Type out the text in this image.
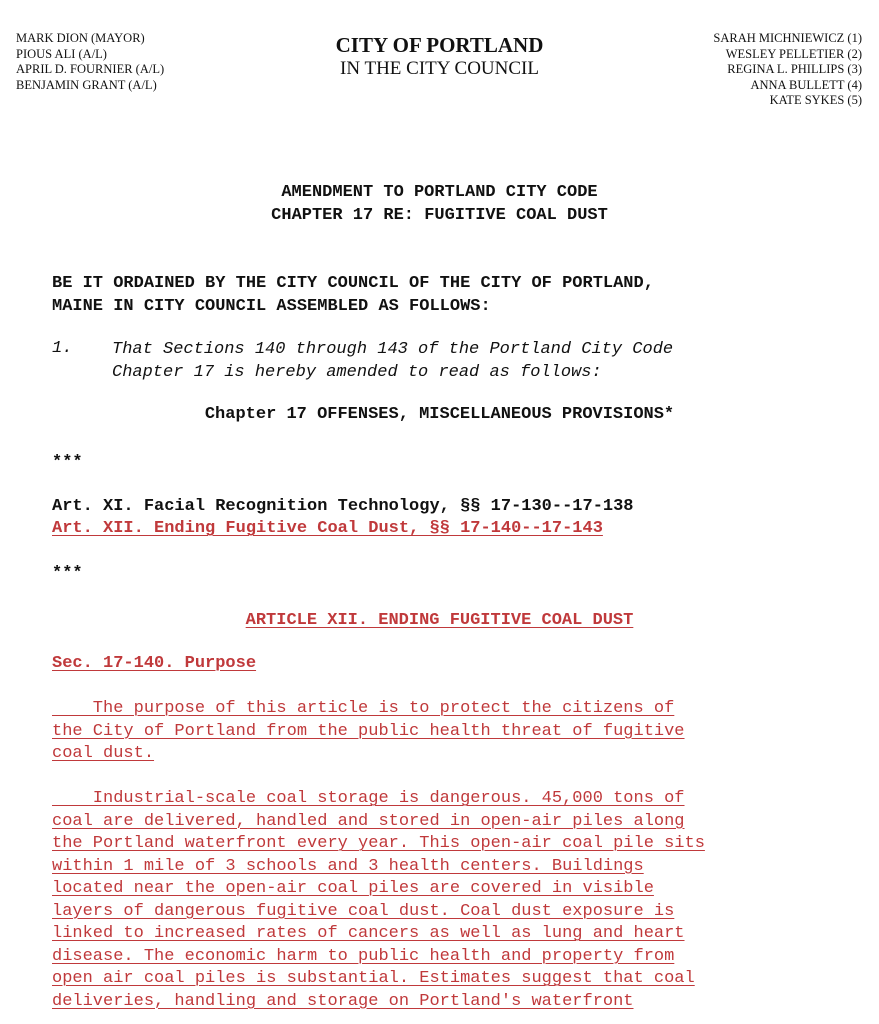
MARK DION (MAYOR)
PIOUS ALI (A/L)
APRIL D. FOURNIER (A/L)
BENJAMIN GRANT (A/L)
CITY OF PORTLAND
IN THE CITY COUNCIL
SARAH MICHNIEWICZ (1)
WESLEY PELLETIER (2)
REGINA L. PHILLIPS (3)
ANNA BULLETT (4)
KATE SYKES (5)
AMENDMENT TO PORTLAND CITY CODE
CHAPTER 17 RE: FUGITIVE COAL DUST
BE IT ORDAINED BY THE CITY COUNCIL OF THE CITY OF PORTLAND,
MAINE IN CITY COUNCIL ASSEMBLED AS FOLLOWS:
1. That Sections 140 through 143 of the Portland City Code
Chapter 17 is hereby amended to read as follows:
Chapter 17 OFFENSES, MISCELLANEOUS PROVISIONS*
***
Art. XI. Facial Recognition Technology, §§ 17-130--17-138
Art. XII. Ending Fugitive Coal Dust, §§ 17-140--17-143
***
ARTICLE XII. ENDING FUGITIVE COAL DUST
Sec. 17-140. Purpose
The purpose of this article is to protect the citizens of
the City of Portland from the public health threat of fugitive
coal dust.
Industrial-scale coal storage is dangerous. 45,000 tons of
coal are delivered, handled and stored in open-air piles along
the Portland waterfront every year. This open-air coal pile sits
within 1 mile of 3 schools and 3 health centers. Buildings
located near the open-air coal piles are covered in visible
layers of dangerous fugitive coal dust. Coal dust exposure is
linked to increased rates of cancers as well as lung and heart
disease. The economic harm to public health and property from
open air coal piles is substantial. Estimates suggest that coal
deliveries, handling and storage on Portland's waterfront
